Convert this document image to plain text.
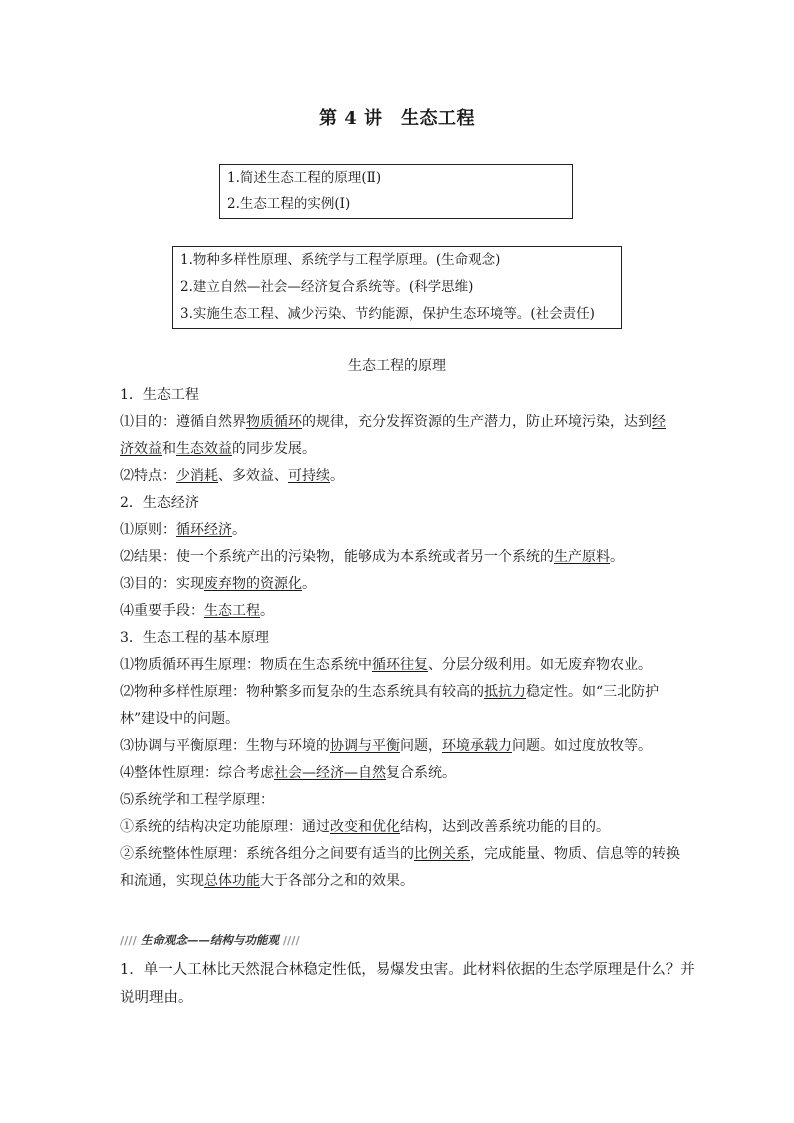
第 4 讲　生态工程
1.简述生态工程的原理(Ⅱ)
2.生态工程的实例(Ⅰ)
1.物种多样性原理、系统学与工程学原理。(生命观念)
2.建立自然—社会—经济复合系统等。(科学思维)
3.实施生态工程、减少污染、节约能源，保护生态环境等。(社会责任)
生态工程的原理
1．生态工程
⑴目的：遵循自然界物质循环的规律，充分发挥资源的生产潜力，防止环境污染，达到经
济效益和生态效益的同步发展。
⑵特点：少消耗、多效益、可持续。
2．生态经济
⑴原则：循环经济。
⑵结果：使一个系统产出的污染物，能够成为本系统或者另一个系统的生产原料。
⑶目的：实现废弃物的资源化。
⑷重要手段：生态工程。
3．生态工程的基本原理
⑴物质循环再生原理：物质在生态系统中循环往复、分层分级利用。如无废弃物农业。
⑵物种多样性原理：物种繁多而复杂的生态系统具有较高的抵抗力稳定性。如“三北防护
林”建设中的问题。
⑶协调与平衡原理：生物与环境的协调与平衡问题，环境承载力问题。如过度放牧等。
⑷整体性原理：综合考虑社会—经济—自然复合系统。
⑸系统学和工程学原理：
①系统的结构决定功能原理：通过改变和优化结构，达到改善系统功能的目的。
②系统整体性原理：系统各组分之间要有适当的比例关系，完成能量、物质、信息等的转换
和流通，实现总体功能大于各部分之和的效果。
//// 生命观念——结构与功能观 ////
1．单一人工林比天然混合林稳定性低，易爆发虫害。此材料依据的生态学原理是什么？并
说明理由。
